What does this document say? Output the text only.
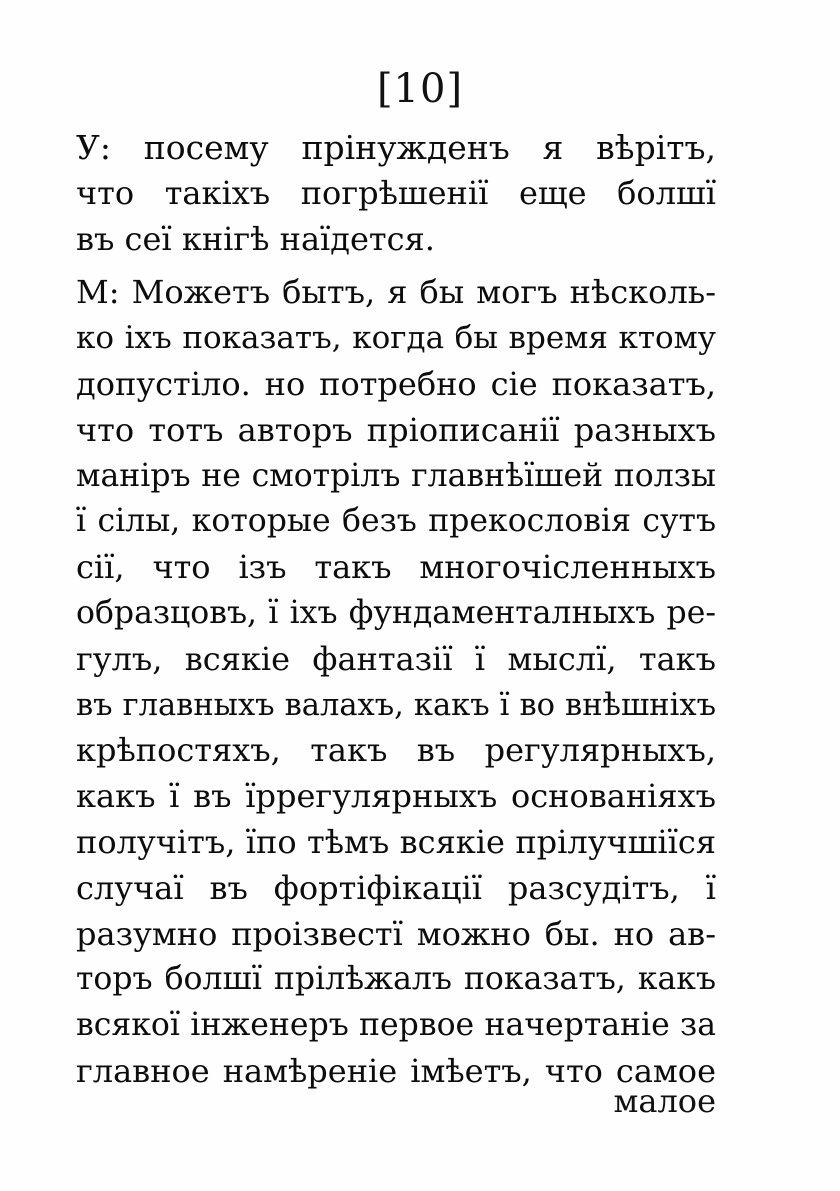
[10]
У: посему прiнужденъ я вѣрiтъ,
что такiхъ погрѣшенiї еще болшї
въ сеї кнiгѣ наїдется.
М: Можетъ бытъ, я бы могъ нѣсколь-
ко iхъ показатъ, когда бы время ктому
допустiло. но потребно сiе показатъ,
что тотъ авторъ прiописанiї разныхъ
манiръ не смотрiлъ главнѣїшей ползы
ї сiлы, которые безъ прекословiя сутъ
сiї, что iзъ такъ многочiсленныхъ
образцовъ, ї iхъ фундаменталныхъ ре-
гулъ, всякiе фантазiї ї мыслї, такъ
въ главныхъ валахъ, какъ ї во внѣшнiхъ
крѣпостяхъ, такъ въ регулярныхъ,
какъ ї въ їррегулярныхъ основанiяхъ
получiтъ, їпо тѣмъ всякiе прiлучшiїся
случаї въ фортiфiкацiї разсудiтъ, ї
разумно проiзвестї можно бы. но ав-
торъ болшї прiлѣжалъ показатъ, какъ
всякої iнженеръ первое начертанiе за
главное намѣренiе iмѣетъ, что самое
малое
